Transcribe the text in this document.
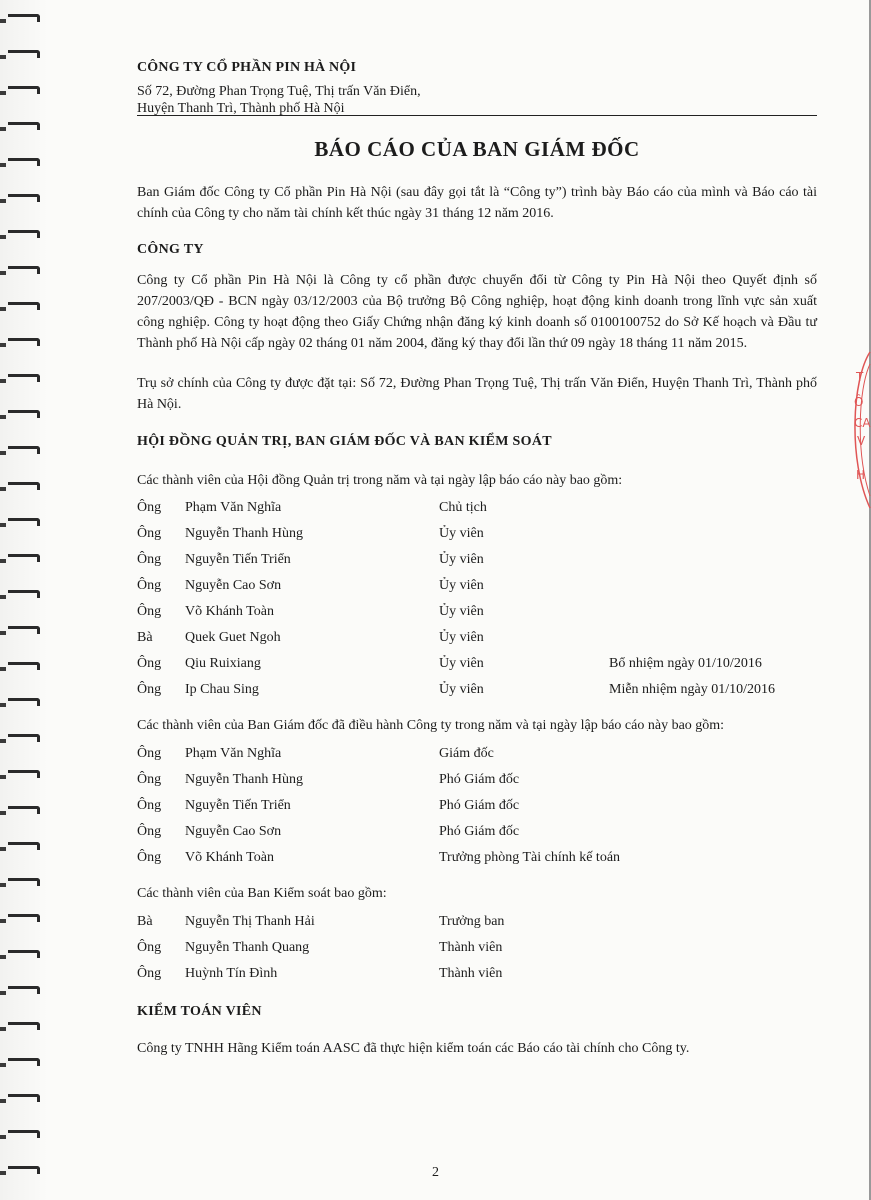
CÔNG TY CỔ PHẦN PIN HÀ NỘI

Số 72, Đường Phan Trọng Tuệ, Thị trấn Văn Điển,

Huyện Thanh Trì, Thành phố Hà Nội

BÁO CÁO CỦA BAN GIÁM ĐỐC

Ban Giám đốc Công ty Cổ phần Pin Hà Nội (sau đây gọi tắt là “Công ty”) trình bày Báo cáo của mình và Báo cáo tài chính của Công ty cho năm tài chính kết thúc ngày 31 tháng 12 năm 2016.

CÔNG TY

Công ty Cổ phần Pin Hà Nội là Công ty cổ phần được chuyển đổi từ Công ty Pin Hà Nội theo Quyết định số 207/2003/QĐ - BCN ngày 03/12/2003 của Bộ trưởng Bộ Công nghiệp, hoạt động kinh doanh trong lĩnh vực sản xuất công nghiệp. Công ty hoạt động theo Giấy Chứng nhận đăng ký kinh doanh số 0100100752 do Sở Kế hoạch và Đầu tư Thành phố Hà Nội cấp ngày 02 tháng 01 năm 2004, đăng ký thay đổi lần thứ 09 ngày 18 tháng 11 năm 2015.

Trụ sở chính của Công ty được đặt tại: Số 72, Đường Phan Trọng Tuệ, Thị trấn Văn Điển, Huyện Thanh Trì, Thành phố Hà Nội.

HỘI ĐỒNG QUẢN TRỊ, BAN GIÁM ĐỐC VÀ BAN KIỂM SOÁT

Các thành viên của Hội đồng Quản trị trong năm và tại ngày lập báo cáo này bao gồm:

Ông Phạm Văn Nghĩa	Chủ tịch
Ông Nguyễn Thanh Hùng	Ủy viên
Ông Nguyễn Tiến Triển	Ủy viên
Ông Nguyễn Cao Sơn	Ủy viên
Ông Võ Khánh Toàn	Ủy viên
Bà Quek Guet Ngoh	Ủy viên
Ông Qiu Ruixiang	Ủy viên	Bổ nhiệm ngày 01/10/2016
Ông Ip Chau Sing	Ủy viên	Miễn nhiệm ngày 01/10/2016

Các thành viên của Ban Giám đốc đã điều hành Công ty trong năm và tại ngày lập báo cáo này bao gồm:

Ông Phạm Văn Nghĩa	Giám đốc
Ông Nguyễn Thanh Hùng	Phó Giám đốc
Ông Nguyễn Tiến Triển	Phó Giám đốc
Ông Nguyễn Cao Sơn	Phó Giám đốc
Ông Võ Khánh Toàn	Trưởng phòng Tài chính kế toán

Các thành viên của Ban Kiểm soát bao gồm:

Bà Nguyễn Thị Thanh Hải	Trưởng ban
Ông Nguyễn Thanh Quang	Thành viên
Ông Huỳnh Tín Đình	Thành viên

KIỂM TOÁN VIÊN

Công ty TNHH Hãng Kiểm toán AASC đã thực hiện kiểm toán các Báo cáo tài chính cho Công ty.

2

T
Ô
CA
V
H
